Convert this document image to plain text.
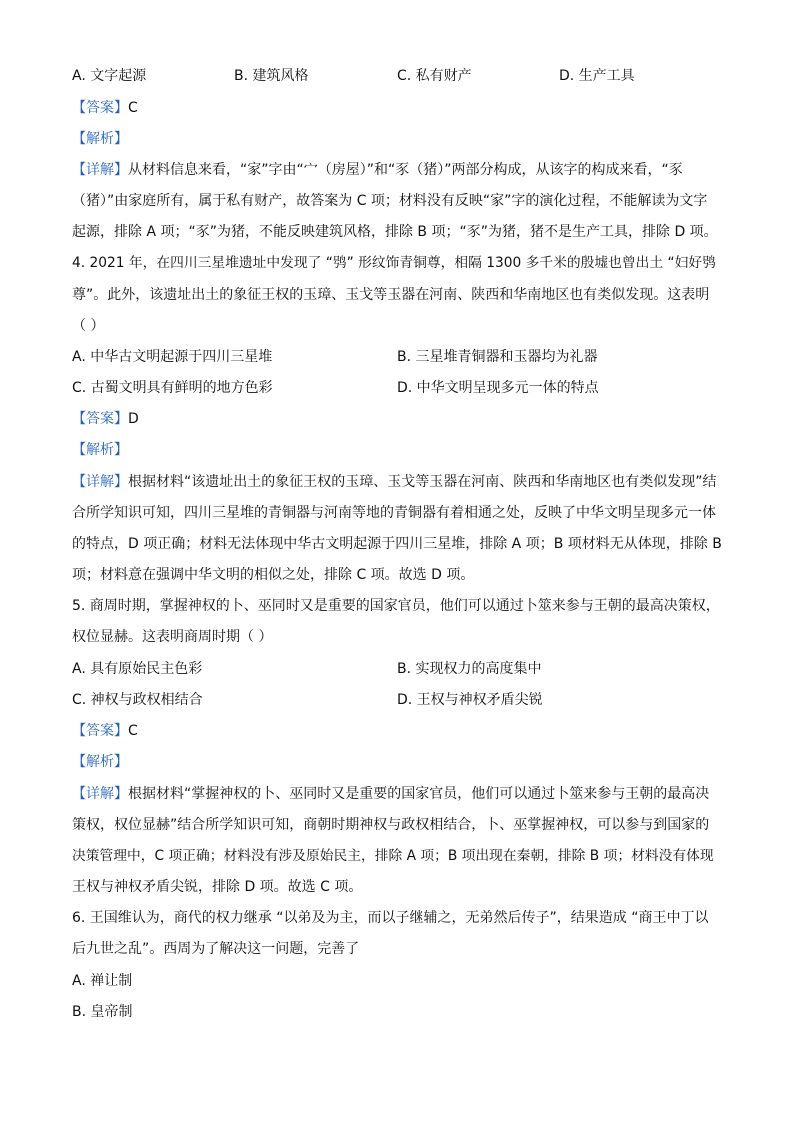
A. 文字起源	B. 建筑风格	C. 私有财产	D. 生产工具
【答案】C
【解析】
【详解】从材料信息来看，“家”字由“宀（房屋）”和“豕（猪）”两部分构成，从该字的构成来看，“豕
（猪）”由家庭所有，属于私有财产，故答案为 C 项；材料没有反映“家”字的演化过程，不能解读为文字
起源，排除 A 项；“豕”为猪，不能反映建筑风格，排除 B 项；“豕”为猪，猪不是生产工具，排除 D 项。
4. 2021 年，在四川三星堆遗址中发现了 “鸮” 形纹饰青铜尊，相隔 1300 多千米的殷墟也曾出土 “妇好鸮
尊”。此外，该遗址出土的象征王权的玉璋、玉戈等玉器在河南、陕西和华南地区也有类似发现。这表明
（ ）
A. 中华古文明起源于四川三星堆	B. 三星堆青铜器和玉器均为礼器
C. 古蜀文明具有鲜明的地方色彩	D. 中华文明呈现多元一体的特点
【答案】D
【解析】
【详解】根据材料“该遗址出土的象征王权的玉璋、玉戈等玉器在河南、陕西和华南地区也有类似发现”结
合所学知识可知，四川三星堆的青铜器与河南等地的青铜器有着相通之处，反映了中华文明呈现多元一体
的特点，D 项正确；材料无法体现中华古文明起源于四川三星堆，排除 A 项；B 项材料无从体现，排除 B
项；材料意在强调中华文明的相似之处，排除 C 项。故选 D 项。
5. 商周时期，掌握神权的卜、巫同时又是重要的国家官员，他们可以通过卜筮来参与王朝的最高决策权，
权位显赫。这表明商周时期（ ）
A. 具有原始民主色彩	B. 实现权力的高度集中
C. 神权与政权相结合	D. 王权与神权矛盾尖锐
【答案】C
【解析】
【详解】根据材料“掌握神权的卜、巫同时又是重要的国家官员，他们可以通过卜筮来参与王朝的最高决
策权，权位显赫”结合所学知识可知，商朝时期神权与政权相结合，卜、巫掌握神权，可以参与到国家的
决策管理中，C 项正确；材料没有涉及原始民主，排除 A 项；B 项出现在秦朝，排除 B 项；材料没有体现
王权与神权矛盾尖锐，排除 D 项。故选 C 项。
6. 王国维认为，商代的权力继承 “以弟及为主，而以子继辅之，无弟然后传子”，结果造成 “商王中丁以
后九世之乱”。西周为了解决这一问题，完善了
A. 禅让制
B. 皇帝制
